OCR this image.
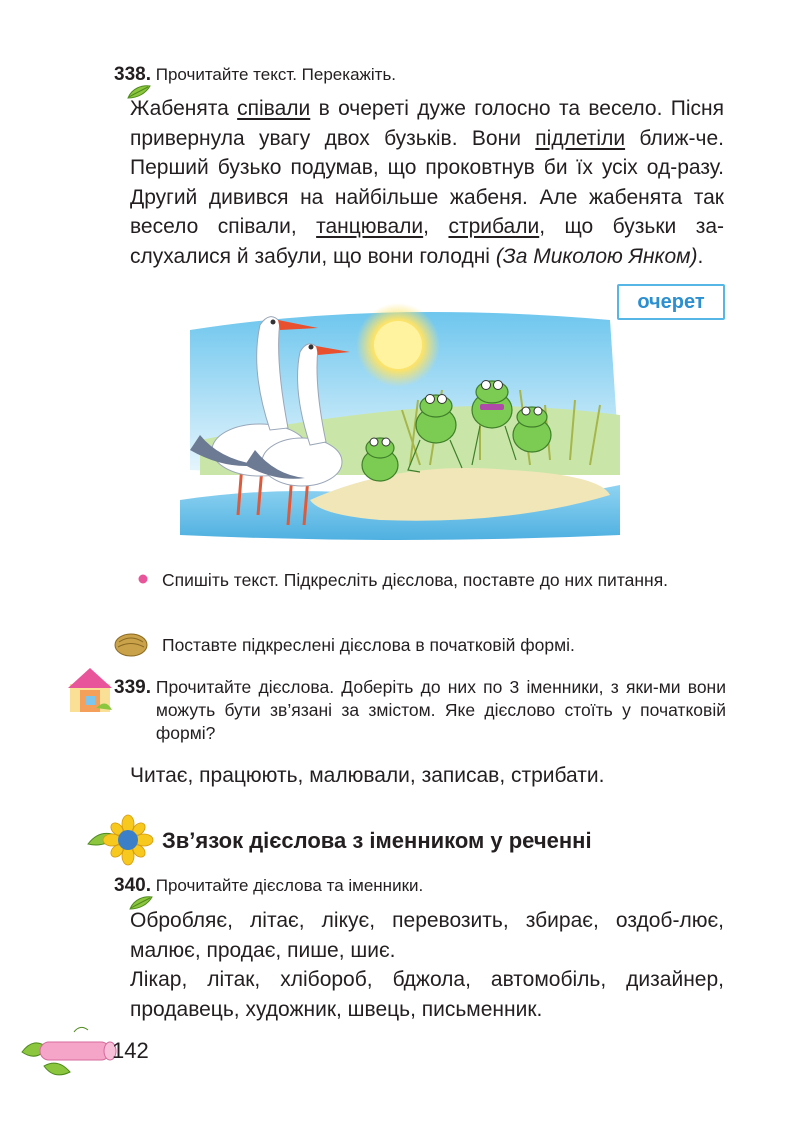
338. Прочитайте текст. Перекажіть.
Жабенята співали в очереті дуже голосно та весело. Пісня привернула увагу двох бузьків. Вони підлетіли ближ-че. Перший бузько подумав, що проковтнув би їх усіх од-разу. Другий дивився на найбільше жабеня. Але жабенята так весело співали, танцювали, стрибали, що бузьки за-слухалися й забули, що вони голодні (За Миколою Янком).
очерет
Спишіть текст. Підкресліть дієслова, поставте до них питання.
Поставте підкреслені дієслова в початковій формі.
339. Прочитайте дієслова. Доберіть до них по 3 іменники, з яки-ми вони можуть бути зв’язані за змістом. Яке дієслово стоїть у початковій формі?
Читає, працюють, малювали, записав, стрибати.
Зв’язок дієслова з іменником у реченні
340. Прочитайте дієслова та іменники.
Обробляє, літає, лікує, перевозить, збирає, оздоб-лює, малює, продає, пише, шиє.
Лікар, літак, хлібороб, бджола, автомобіль, дизайнер, продавець, художник, швець, письменник.
142
